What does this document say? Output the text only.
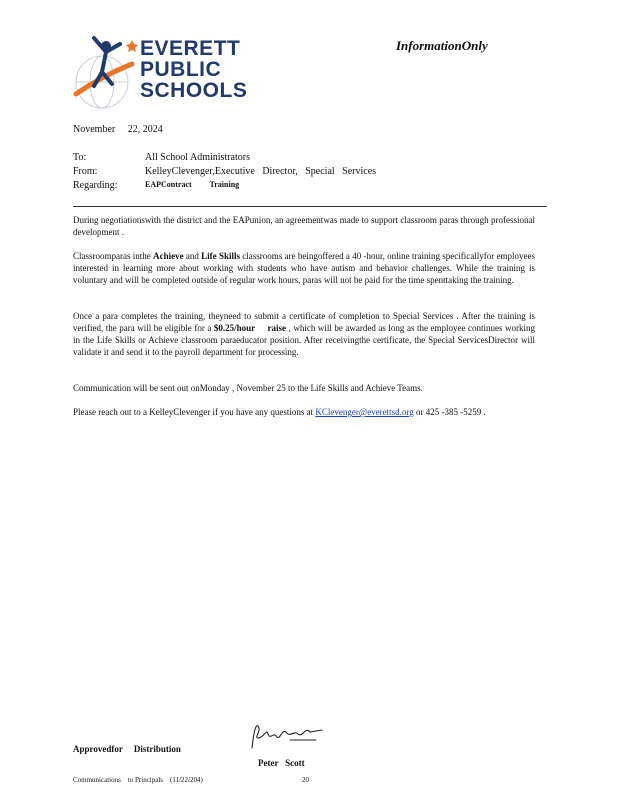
EVERETT
PUBLIC
SCHOOLS
InformationOnly
November     22, 2024
To:	All School Administrators
From:	KelleyClevenger,Executive   Director,   Special   Services
Regarding:	EAPContract         Training
During negotiationswith the district and the EAPunion, an agreementwas made to support classroom paras through professional development .
Classroomparas inthe Achieve and Life Skills classrooms are beingoffered a 40 -hour, online training specificallyfor employees interested in learning more about working with students who have autism and behavior challenges. While the training is voluntary and will be completed outside of regular work hours, paras will not be paid for the time spenttaking the training.
Once a para completes the training, theyneed to submit a certificate of completion to Special Services . After the training is verified, the para will be eligible for a $0.25/hour     raise , which will be awarded as long as the employee continues working in the Life Skills or Achieve classroom paraeducator position. After receivingthe certificate, the Special ServicesDirector will validate it and send it to the payroll department for processing.
Communication will be sent out onMonday , November 25 to the Life Skills and Achieve Teams.
Please reach out to a KelleyClevenger if you have any questions at KClevenger@everettsd.org or 425 -385 -5259 .
Approvedfor     Distribution
Peter   Scott
Communications    to Principals    (11/22/204)	20
